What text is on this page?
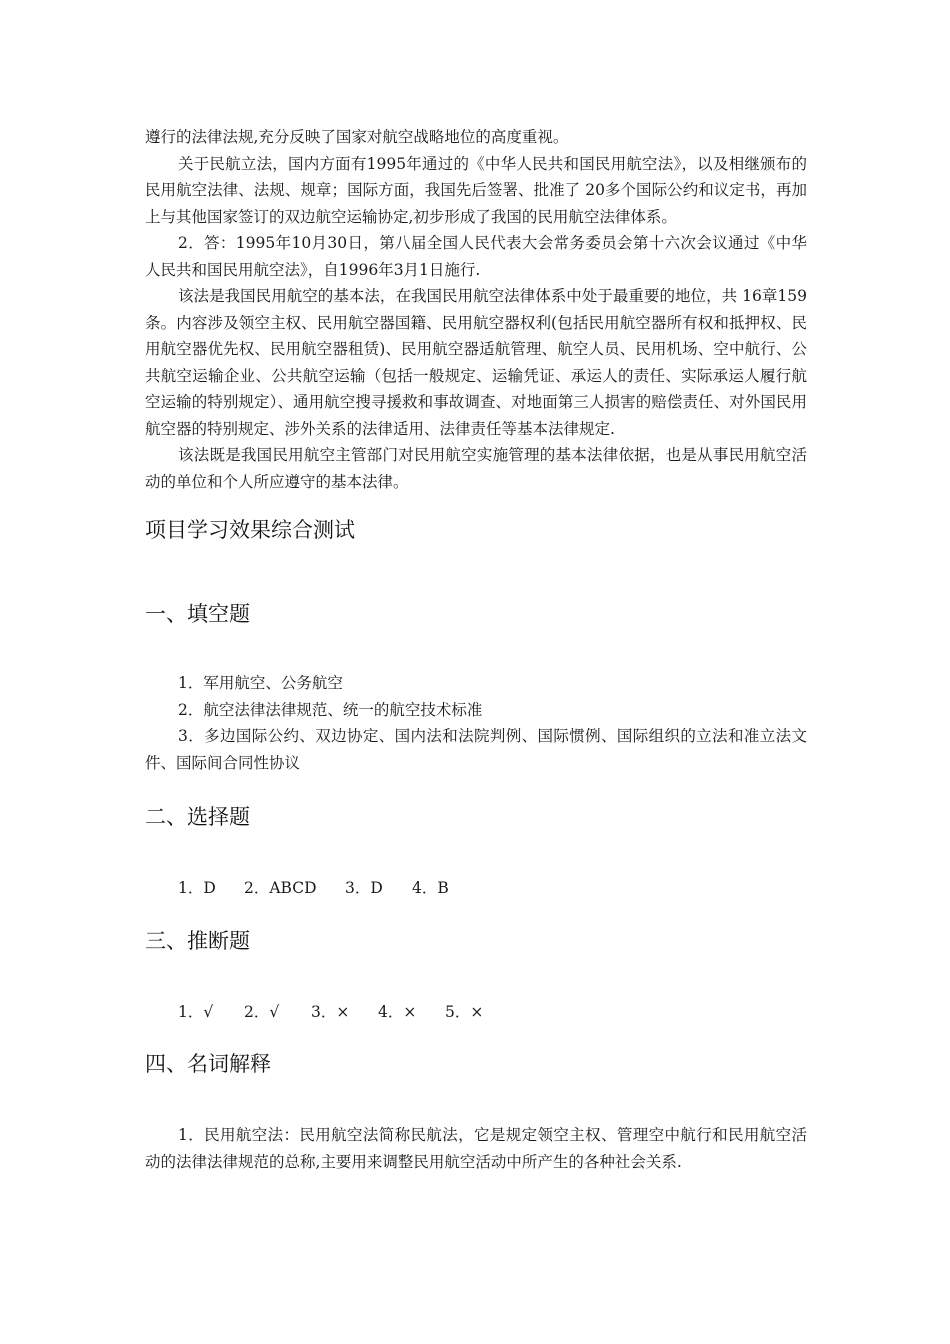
遵行的法律法规,充分反映了国家对航空战略地位的高度重视。

关于民航立法，国内方面有1995年通过的《中华人民共和国民用航空法》，以及相继颁布的民用航空法律、法规、规章；国际方面，我国先后签署、批准了 20多个国际公约和议定书，再加上与其他国家签订的双边航空运输协定,初步形成了我国的民用航空法律体系。

2．答：1995年10月30日，第八届全国人民代表大会常务委员会第十六次会议通过《中华人民共和国民用航空法》，自1996年3月1日施行.

该法是我国民用航空的基本法，在我国民用航空法律体系中处于最重要的地位，共 16章159条。内容涉及领空主权、民用航空器国籍、民用航空器权利(包括民用航空器所有权和抵押权、民用航空器优先权、民用航空器租赁)、民用航空器适航管理、航空人员、民用机场、空中航行、公共航空运输企业、公共航空运输（包括一般规定、运输凭证、承运人的责任、实际承运人履行航空运输的特别规定）、通用航空搜寻援救和事故调查、对地面第三人损害的赔偿责任、对外国民用航空器的特别规定、涉外关系的法律适用、法律责任等基本法律规定.

该法既是我国民用航空主管部门对民用航空实施管理的基本法律依据，也是从事民用航空活动的单位和个人所应遵守的基本法律。

项目学习效果综合测试
一、填空题

1．军用航空、公务航空

2．航空法律法律规范、统一的航空技术标准

3．多边国际公约、双边协定、国内法和法院判例、国际惯例、国际组织的立法和准立法文件、国际间合同性协议

二、选择题
1．D 2．ABCD 3．D 4．B
三、推断题
1．√ 2．√ 3．× 4．× 5．×
四、名词解释

1．民用航空法：民用航空法简称民航法，它是规定领空主权、管理空中航行和民用航空活动的法律法律规范的总称,主要用来调整民用航空活动中所产生的各种社会关系.
